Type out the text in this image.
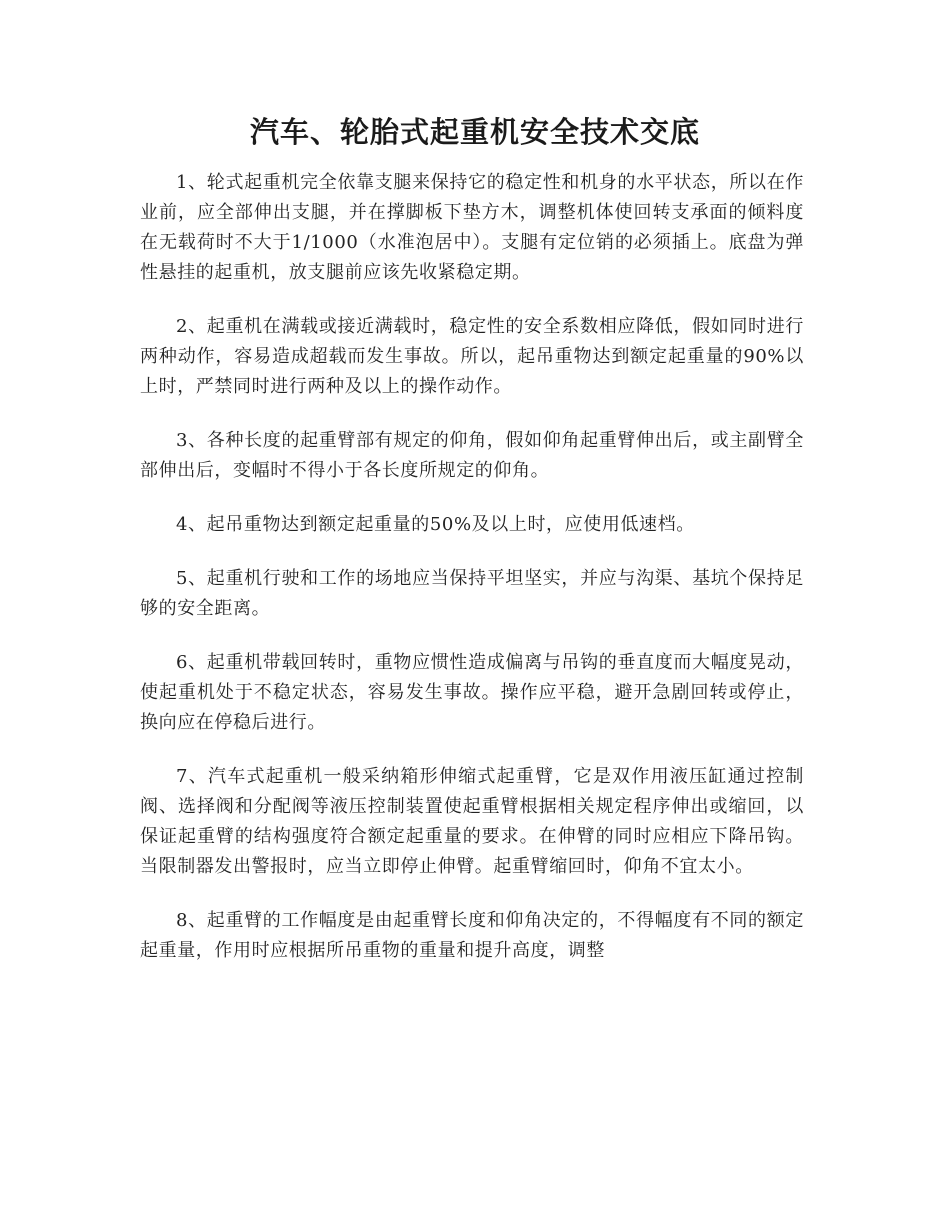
汽车、轮胎式起重机安全技术交底

1、轮式起重机完全依靠支腿来保持它的稳定性和机身的水平状态，所以在作业前，应全部伸出支腿，并在撑脚板下垫方木，调整机体使回转支承面的倾料度在无载荷时不大于1/1000（水准泡居中）。支腿有定位销的必须插上。底盘为弹性悬挂的起重机，放支腿前应该先收紧稳定期。

2、起重机在满载或接近满载时，稳定性的安全系数相应降低，假如同时进行两种动作，容易造成超载而发生事故。所以，起吊重物达到额定起重量的90%以上时，严禁同时进行两种及以上的操作动作。

3、各种长度的起重臂部有规定的仰角，假如仰角起重臂伸出后，或主副臂全部伸出后，变幅时不得小于各长度所规定的仰角。

4、起吊重物达到额定起重量的50%及以上时，应使用低速档。

5、起重机行驶和工作的场地应当保持平坦坚实，并应与沟渠、基坑个保持足够的安全距离。

6、起重机带载回转时，重物应惯性造成偏离与吊钩的垂直度而大幅度晃动，使起重机处于不稳定状态，容易发生事故。操作应平稳，避开急剧回转或停止，换向应在停稳后进行。

7、汽车式起重机一般采纳箱形伸缩式起重臂，它是双作用液压缸通过控制阀、选择阀和分配阀等液压控制装置使起重臂根据相关规定程序伸出或缩回，以保证起重臂的结构强度符合额定起重量的要求。在伸臂的同时应相应下降吊钩。当限制器发出警报时，应当立即停止伸臂。起重臂缩回时，仰角不宜太小。

8、起重臂的工作幅度是由起重臂长度和仰角决定的，不得幅度有不同的额定起重量，作用时应根据所吊重物的重量和提升高度，调整
